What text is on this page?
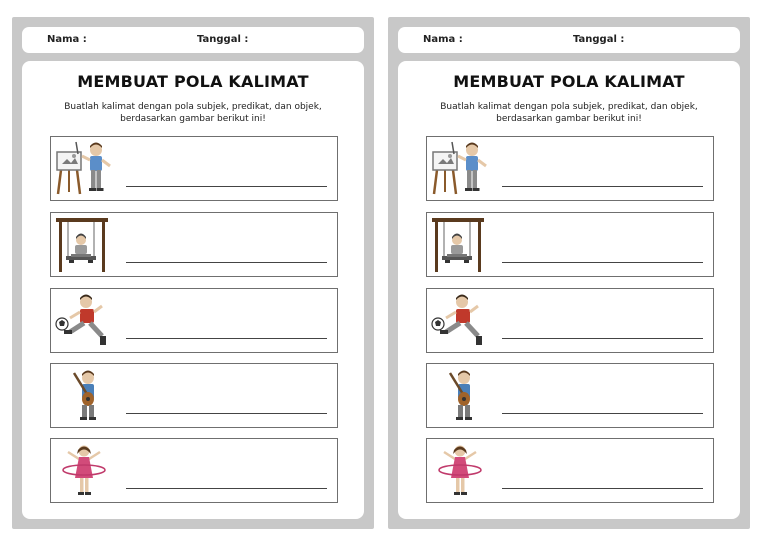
Nama :	Tanggal :
MEMBUAT POLA KALIMAT
Buatlah kalimat dengan pola subjek, predikat, dan objek, berdasarkan gambar berikut ini!
Nama :	Tanggal :
MEMBUAT POLA KALIMAT
Buatlah kalimat dengan pola subjek, predikat, dan objek, berdasarkan gambar berikut ini!
